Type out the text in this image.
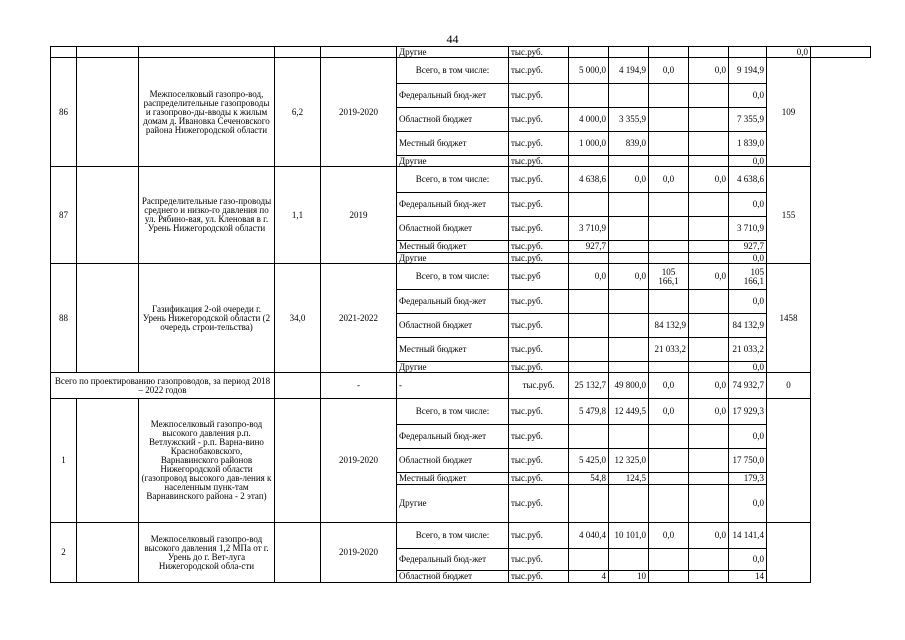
44
					Другие	тыс.руб.						0,0	
86		Межпоселковый газопро-вод, распределительные газопроводы и газопрово-ды-вводы к жилым домам д. Ивановка Сеченовского района Нижегородской области	6,2	2019-2020	Всего, в том числе:	тыс.руб.	5 000,0	4 194,9	0,0	0,0	9 194,9	109	
					Федеральный бюд-жет	тыс.руб.					0,0		
					Областной бюджет	тыс.руб.	4 000,0	3 355,9			7 355,9		
					Местный бюджет	тыс.руб.	1 000,0	839,0			1 839,0		
					Другие	тыс.руб.					0,0		
87		Распределительные газо-проводы среднего и низко-го давления по ул. Рябино-вая, ул. Кленовая в г. Урень Нижегородской области	1,1	2019	Всего, в том числе:	тыс.руб.	4 638,6	0,0	0,0	0,0	4 638,6	155	
					Федеральный бюд-жет	тыс.руб.					0,0		
					Областной бюджет	тыс.руб.	3 710,9				3 710,9		
					Местный бюджет	тыс.руб.	927,7				927,7		
					Другие	тыс.руб.					0,0		
88		Газификация 2-ой очереди г. Урень Нижегородской области (2 очередь строи-тельства)	34,0	2021-2022	Всего, в том числе:	тыс.руб	0,0	0,0	105 166,1	0,0	105 166,1	1458	
					Федеральный бюд-жет	тыс.руб.					0,0		
					Областной бюджет	тыс.руб.			84 132,9		84 132,9		
					Местный бюджет	тыс.руб.			21 033,2		21 033,2		
					Другие	тыс.руб.					0,0		
Всего по проектированию газопроводов, за период 2018 – 2022 годов				-	-	тыс.руб.	25 132,7	49 800,0	0,0	0,0	74 932,7	0	
1		Межпоселковый газопро-вод высокого давления р.п. Ветлужский - р.п. Варна-вино Краснобаковского, Варнавинского районов Нижегородской области (газопровод высокого дав-ления к населенным пунк-там Варнавинского района - 2 этап)		2019-2020	Всего, в том числе:	тыс.руб.	5 479,8	12 449,5	0,0	0,0	17 929,3		
					Федеральный бюд-жет	тыс.руб.					0,0		
					Областной бюджет	тыс.руб.	5 425,0	12 325,0			17 750,0		
					Местный бюджет	тыс.руб.	54,8	124,5			179,3		
					Другие	тыс.руб.					0,0		
2		Межпоселковый газопро-вод высокого давления 1,2 МПа от г. Урень до г. Вет-луга Нижегородской обла-сти		2019-2020	Всего, в том числе:	тыс.руб.	4 040,4	10 101,0	0,0	0,0	14 141,4		
					Федеральный бюд-жет	тыс.руб.					0,0		
					Областной бюджет	тыс.руб.	4	10			14		
